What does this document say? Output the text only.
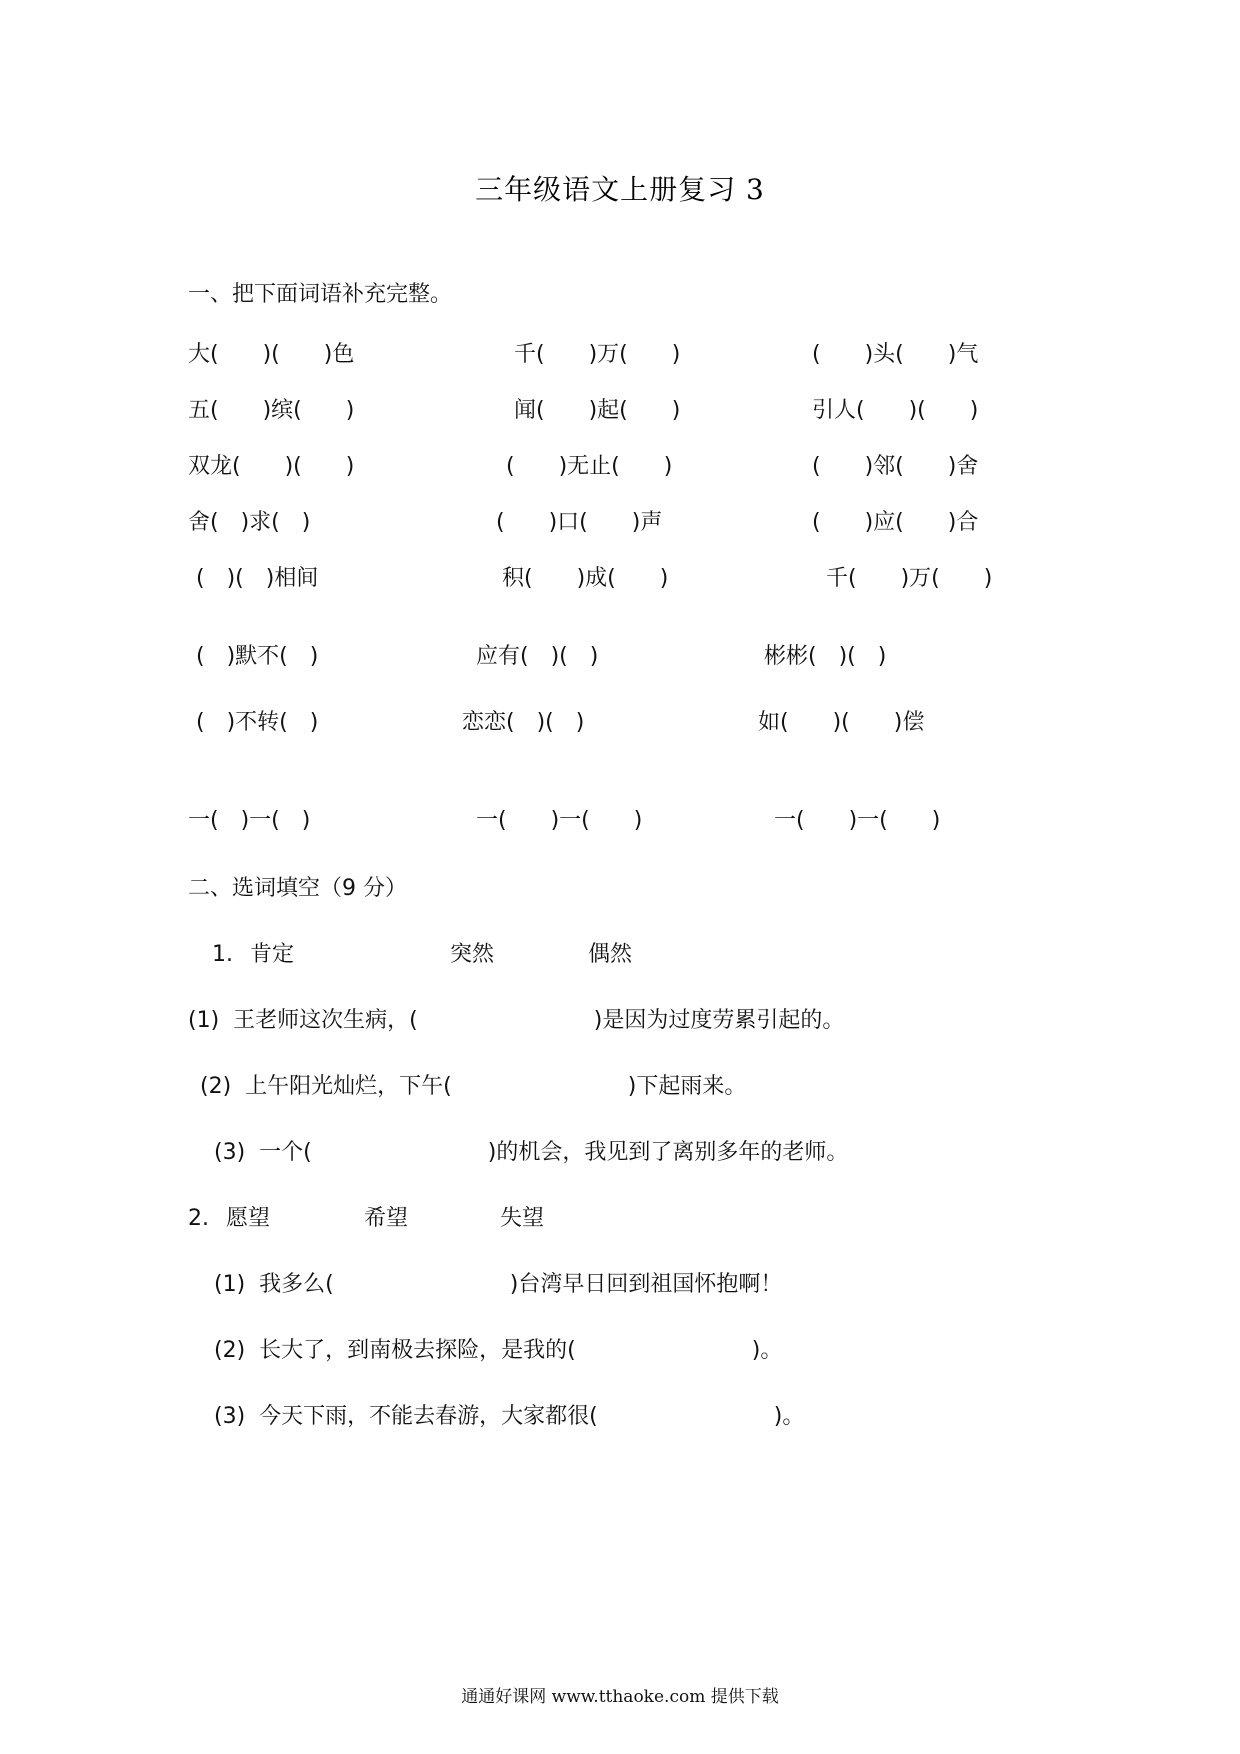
三年级语文上册复习 3
一、把下面词语补充完整。
大(　　)(　　)色	千(　　)万(　　)	(　　)头(　　)气
五(　　)缤(　　)	闻(　　)起(　　)	引人(　　)(　　)
双龙(　　)(　　)	(　　)无止(　　)	(　　)邻(　　)舍
舍(　)求(　)	(　　)口(　　)声	(　　)应(　　)合
(　)(　)相间	积(　　)成(　　)	千(　　)万(　　)
(　)默不(　)	应有(　)(　)	彬彬(　)(　)
(　)不转(　)	恋恋(　)(　)	如(　　)(　　)偿
一(　)一(　)	一(　　)一(　　)	一(　　)一(　　)
二、选词填空（9 分）
1. 肯定	突然	偶然
(1)  王老师这次生病，(　　　　　　　　)是因为过度劳累引起的。
(2)  上午阳光灿烂，下午(　　　　　　　　)下起雨来。
(3)  一个(　　　　　　　　)的机会，我见到了离别多年的老师。
2. 愿望	希望	失望
(1)  我多么(　　　　　　　　)台湾早日回到祖国怀抱啊！
(2)  长大了，到南极去探险，是我的(　　　　　　　　)。
(3)  今天下雨，不能去春游，大家都很(　　　　　　　　)。
通通好课网 www.tthaoke.com 提供下载
